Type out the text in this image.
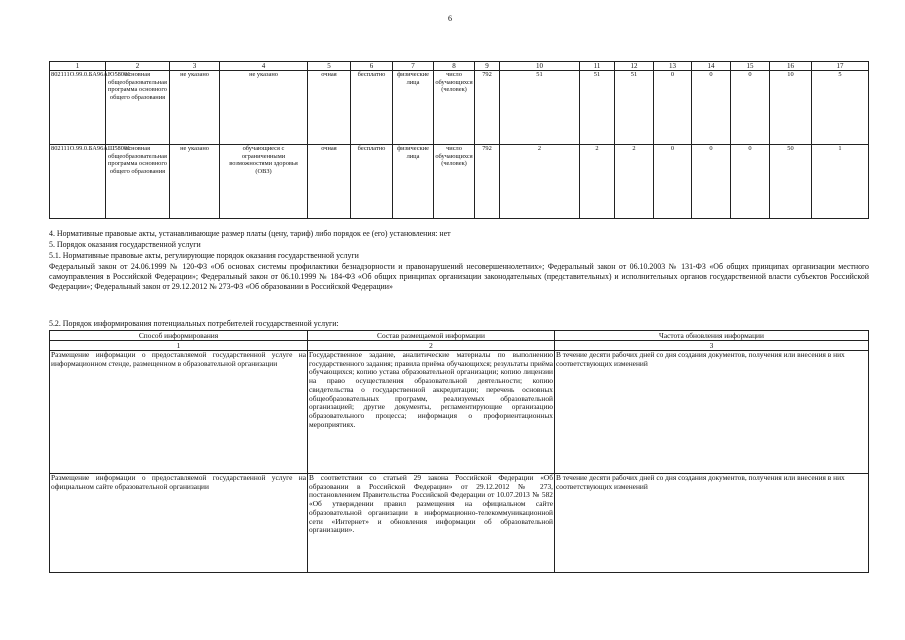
6
1	2	3	4	5	6	7	8	9	10	11	12	13	14	15	16	17
802111О.99.0.БА96АЮ58001	основная общеобразовательная программа основного общего образования	не указано	не указано	очная	бесплатно	физические лица	число обучающихся (человек)	792	51	51	51	0	0	0	10	5
802111О.99.0.БА96АШ58001	основная общеобразовательная программа основного общего образования	не указано	обучающиеся с ограниченными возможностями здоровья (ОВЗ)	очная	бесплатно	физические лица	число обучающихся (человек)	792	2	2	2	0	0	0	50	1
4. Нормативные правовые акты, устанавливающие размер платы (цену, тариф) либо порядок ее (его) установления: нет
5. Порядок оказания государственной услуги
5.1. Нормативные правовые акты, регулирующие порядок оказания государственной услуги
Федеральный закон от 24.06.1999 № 120-ФЗ «Об основах системы профилактики безнадзорности и правонарушений несовершеннолетних»; Федеральный закон от 06.10.2003 № 131-ФЗ «Об общих принципах организации местного самоуправления в Российской Федерации»; Федеральный закон от 06.10.1999 № 184-ФЗ «Об общих принципах организации законодательных (представительных) и исполнительных органов государственной власти субъектов Российской Федерации»; Федеральный закон от 29.12.2012 № 273-ФЗ «Об образовании в Российской Федерации»
5.2. Порядок информирования потенциальных потребителей государственной услуги:
Способ информирования	Состав размещаемой информации	Частота обновления информации
1	2	3
Размещение информации о предоставляемой государственной услуге на информационном стенде, размещенном в образовательной организации	Государственное задание, аналитические материалы по выполнению государственного задания; правила приёма обучающихся; результаты приёма обучающихся; копию устава образовательной организации; копию лицензии на право осуществления образовательной деятельности; копию свидетельства о государственной аккредитации; перечень основных общеобразовательных программ, реализуемых образовательной организацией; другие документы, регламентирующие организацию образовательного процесса; информация о профориентационных мероприятиях.	В течение десяти рабочих дней со дня создания документов, получения или внесения в них соответствующих изменений
Размещение информации о предоставляемой государственной услуге на официальном сайте образовательной организации	В соответствии со статьей 29 закона Российской Федерации «Об образовании в Российской Федерации» от 29.12.2012 № 273, постановлением Правительства Российской Федерации от 10.07.2013 № 582 «Об утверждении правил размещения на официальном сайте образовательной организации в информационно-телекоммуникационной сети «Интернет» и обновления информации об образовательной организации».	В течение десяти рабочих дней со дня создания документов, получения или внесения в них соответствующих изменений
